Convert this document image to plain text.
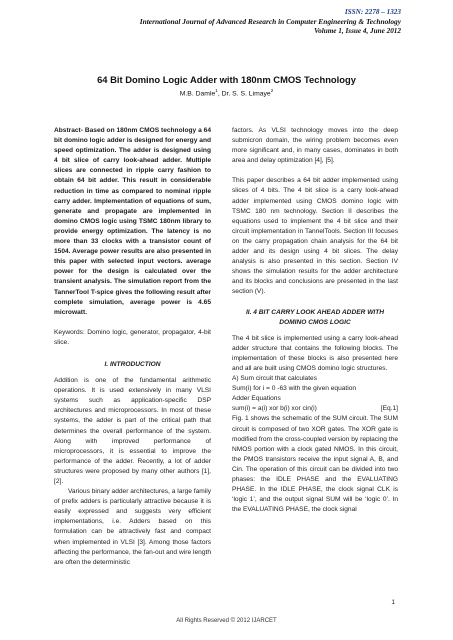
ISSN: 2278 – 1323
International Journal of Advanced Research in Computer Engineering & Technology
Volume 1, Issue 4, June 2012
64 Bit Domino Logic Adder with 180nm CMOS Technology
M.B. Damle$^1$, Dr. S. S. Limaye$^2$

Abstract- Based on 180nm CMOS technology a 64 bit domino logic adder is designed for energy and speed optimization. The adder is designed using 4 bit slice of carry look-ahead adder. Multiple slices are connected in ripple carry fashion to obtain 64 bit adder. This result in considerable reduction in time as compared to nominal ripple carry adder. Implementation of equations of sum, generate and propagate are implemented in domino CMOS logic using TSMC 180nm library to provide energy optimization. The latency is no more than 33 clocks with a transistor count of 1504. Average power results are also presented in this paper with selected input vectors. average power for the design is calculated over the transient analysis. The simulation report from the TannerTool T-spice gives the following result after complete simulation, average power is 4.65 microwatt.

Keywords: Domino logic, generator, propagator, 4-bit slice.

I. INTRODUCTION

Addition is one of the fundamental arithmetic operations. It is used extensively in many VLSI systems such as application-specific DSP architectures and microprocessors. In most of these systems, the adder is part of the critical path that determines the overall performance of the system. Along with improved performance of microprocessors, it is essential to improve the performance of the adder. Recently, a lot of adder structures were proposed by many other authors [1], [2].

Various binary adder architectures, a large family of prefix adders is particularly attractive because it is easily expressed and suggests very efficient implementations, i.e. Adders based on this formulation can be attractively fast and compact when implemented in VLSI [3]. Among those factors affecting the performance, the fan-out and wire length are often the deterministic

factors. As VLSI technology moves into the deep submicron domain, the wiring problem becomes even more significant and, in many cases, dominates in both area and delay optimization [4], [5].

This paper describes a 64 bit adder implemented using slices of 4 bits. The 4 bit slice is a carry look-ahead adder implemented using CMOS domino logic with TSMC 180 nm technology. Section II describes the equations used to implement the 4 bit slice and their circuit implementation in TannelTools. Section III focuses on the carry propagation chain analysis for the 64 bit adder and its design using 4 bit slices. The delay analysis is also presented in this section. Section IV shows the simulation results for the adder architecture and its blocks and conclusions are presented in the last section (V).

II. 4 BIT CARRY LOOK AHEAD ADDER WITH DOMINO CMOS LOGIC

The 4 bit slice is implemented using a carry look-ahead adder structure that contains the following blocks. The implementation of these blocks is also presented here and all are built using CMOS domino logic structures.

A) Sum circuit that calculates
Sum(i) for i = 0 -63 with the given equation
Adder Equations
sum(i) = a(i) xor b(i) xor cin(i)	[Eq.1]

Fig. 1 shows the schematic of the SUM circuit. The SUM circuit is composed of two XOR gates. The XOR gate is modified from the cross-coupled version by replacing the NMOS portion with a clock gated NMOS. In this circuit, the PMOS transistors receive the input signal A, B, and Cin. The operation of this circuit can be divided into two phases: the IDLE PHASE and the EVALUATING PHASE. In the IDLE PHASE, the clock signal CLK is ‘logic 1’, and the output signal SUM will be ‘logic 0’. In the EVALUATING PHASE, the clock signal

1
All Rights Reserved © 2012 IJARCET
